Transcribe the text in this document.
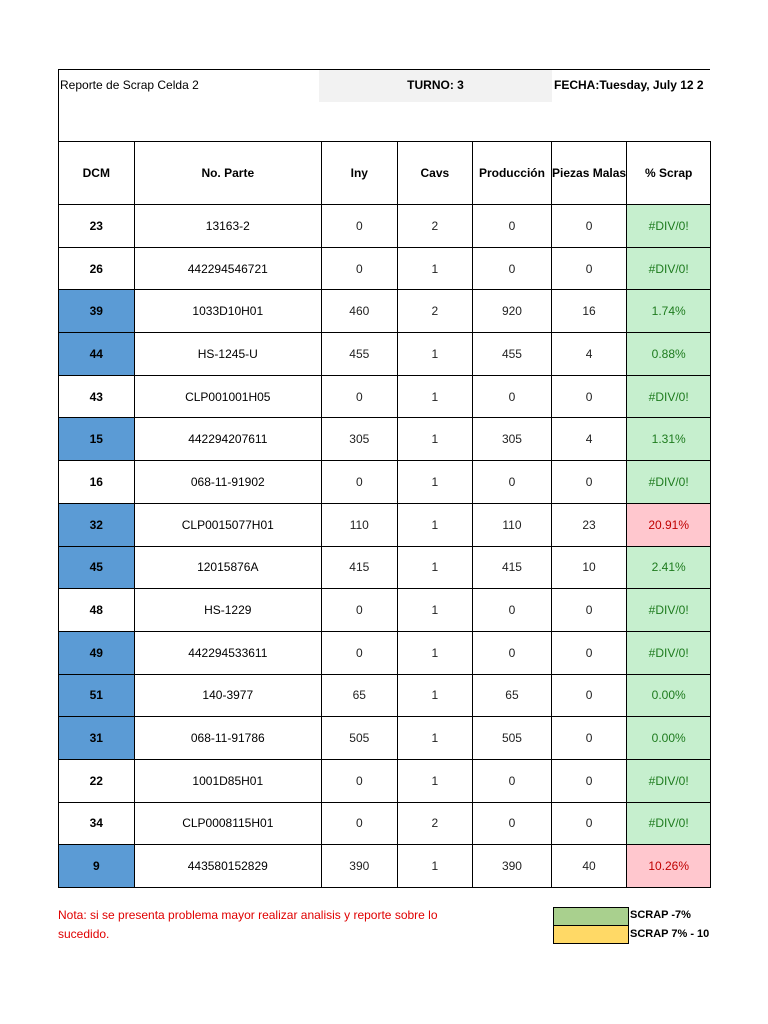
Reporte de Scrap Celda 2	TURNO: 3	FECHA:Tuesday, July 12 2
DCM	No. Parte	Iny	Cavs	Producción	Piezas Malas	% Scrap
23	13163-2	0	2	0	0	#DIV/0!
26	442294546721	0	1	0	0	#DIV/0!
39	1033D10H01	460	2	920	16	1.74%
44	HS-1245-U	455	1	455	4	0.88%
43	CLP001001H05	0	1	0	0	#DIV/0!
15	442294207611	305	1	305	4	1.31%
16	068-11-91902	0	1	0	0	#DIV/0!
32	CLP0015077H01	110	1	110	23	20.91%
45	12015876A	415	1	415	10	2.41%
48	HS-1229	0	1	0	0	#DIV/0!
49	442294533611	0	1	0	0	#DIV/0!
51	140-3977	65	1	65	0	0.00%
31	068-11-91786	505	1	505	0	0.00%
22	1001D85H01	0	1	0	0	#DIV/0!
34	CLP0008115H01	0	2	0	0	#DIV/0!
9	443580152829	390	1	390	40	10.26%
Nota: si se presenta problema mayor realizar analisis y reporte sobre lo sucedido.
SCRAP -7%
SCRAP 7% - 10
